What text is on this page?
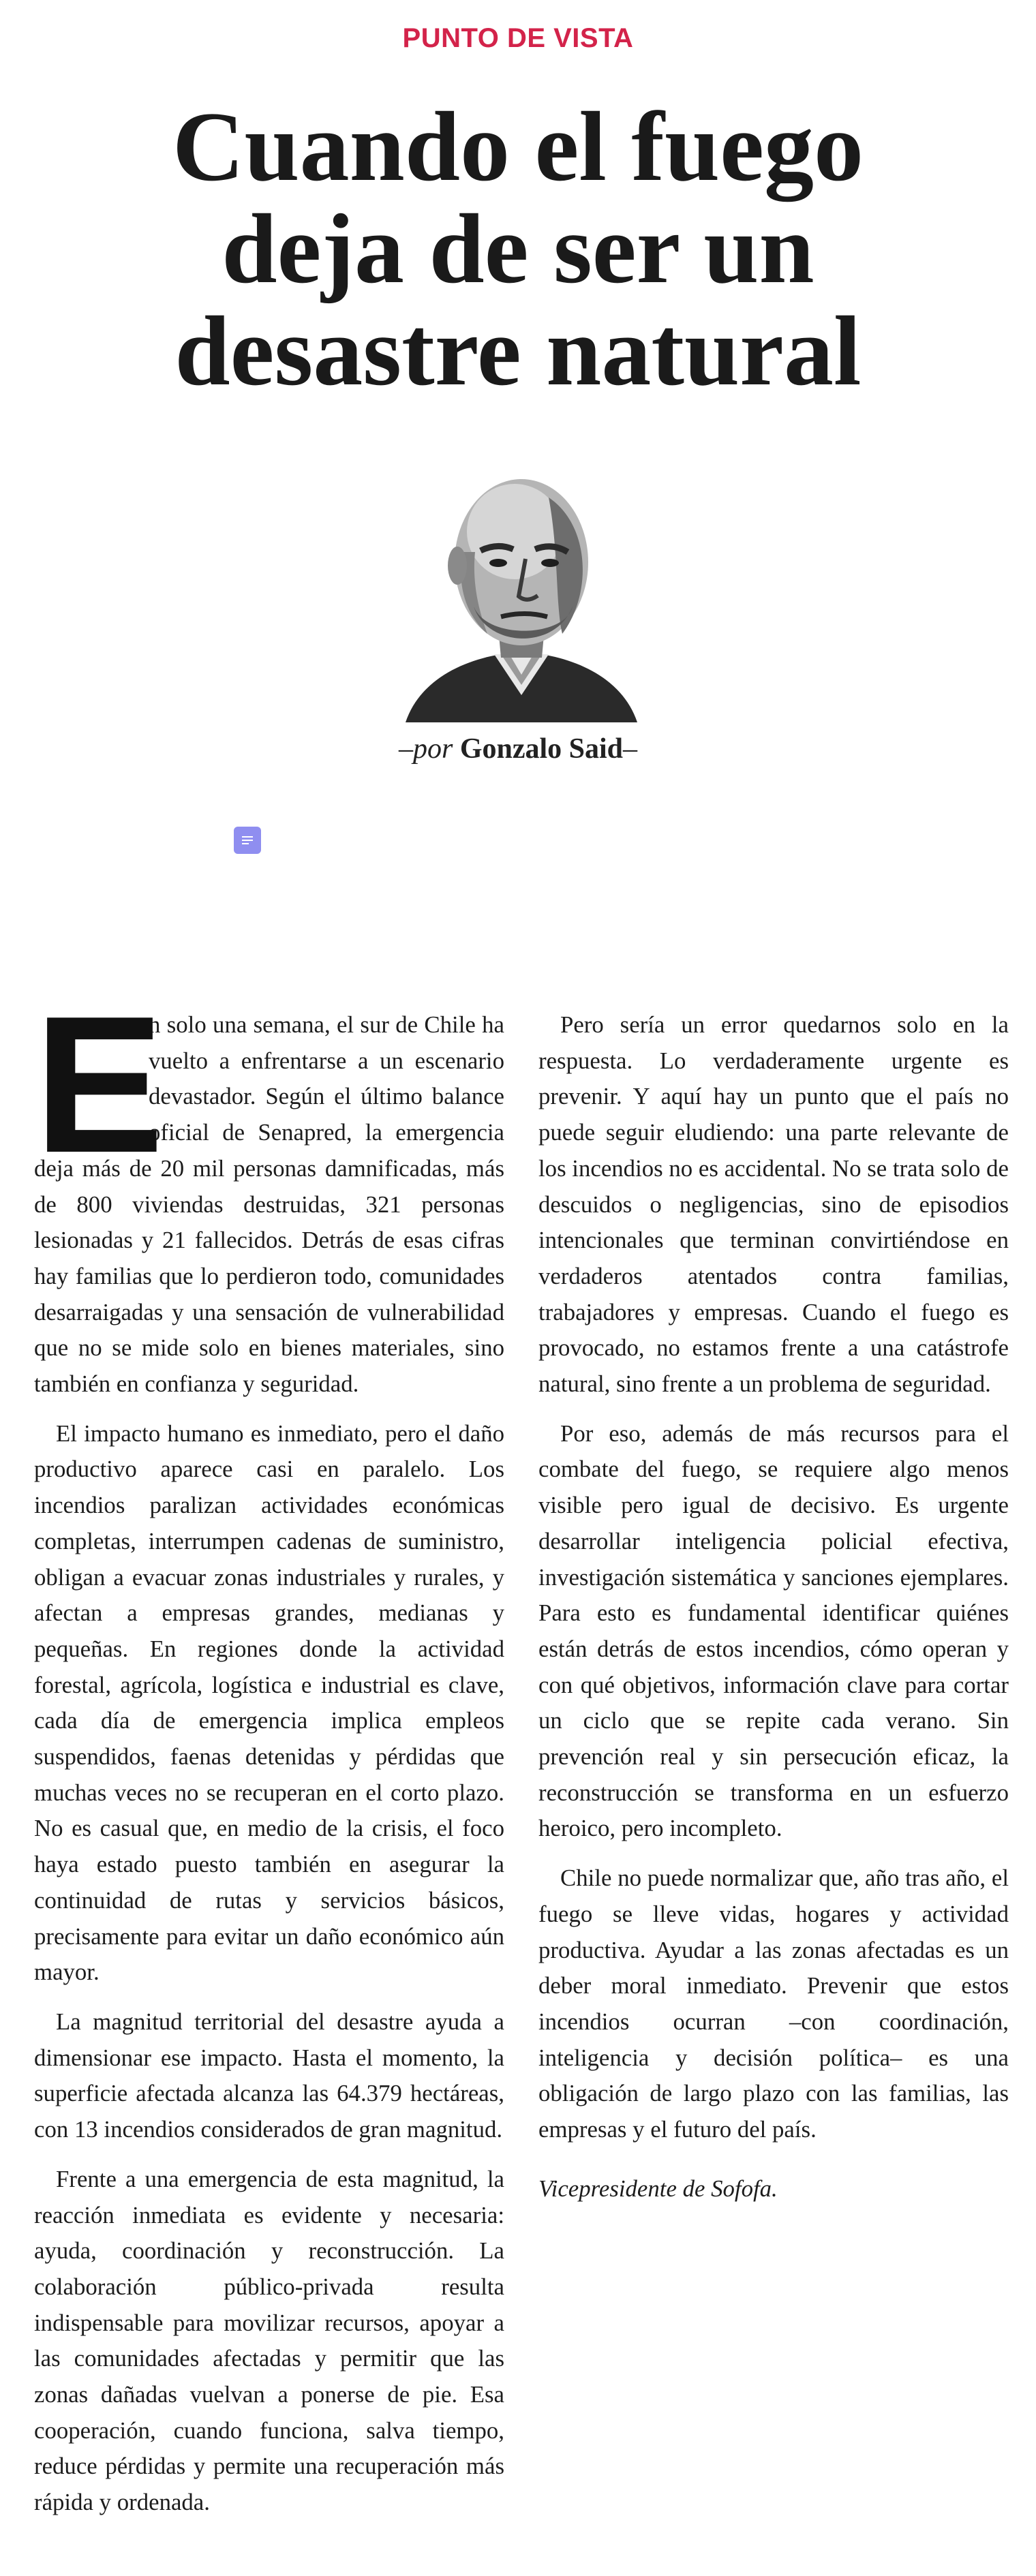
PUNTO DE VISTA
Cuando el fuego
deja de ser un
desastre natural
–por Gonzalo Said–

E
n solo una semana, el sur de Chile ha vuelto a enfrentarse a un escenario devastador. Según el último balance oficial de Senapred, la emergencia deja más de 20 mil personas damnificadas, más de 800 viviendas destruidas, 321 personas lesionadas y 21 fallecidos. Detrás de esas cifras hay familias que lo perdieron todo, comunidades desarraigadas y una sensación de vulnerabilidad que no se mide solo en bienes materiales, sino también en confianza y seguridad.

El impacto humano es inmediato, pero el daño productivo aparece casi en paralelo. Los incendios paralizan actividades económicas completas, interrumpen cadenas de suministro, obligan a evacuar zonas industriales y rurales, y afectan a empresas grandes, medianas y pequeñas. En regiones donde la actividad forestal, agrícola, logística e industrial es clave, cada día de emergencia implica empleos suspendidos, faenas detenidas y pérdidas que muchas veces no se recuperan en el corto plazo. No es casual que, en medio de la crisis, el foco haya estado puesto también en asegurar la continuidad de rutas y servicios básicos, precisamente para evitar un daño económico aún mayor.

La magnitud territorial del desastre ayuda a dimensionar ese impacto. Hasta el momento, la superficie afectada alcanza las 64.379 hectáreas, con 13 incendios considerados de gran magnitud.

Frente a una emergencia de esta magnitud, la reacción inmediata es evidente y necesaria: ayuda, coordinación y reconstrucción. La colaboración público-privada resulta indispensable para movilizar recursos, apoyar a las comunidades afectadas y permitir que las zonas dañadas vuelvan a ponerse de pie. Esa cooperación, cuando funciona, salva tiempo, reduce pérdidas y permite una recuperación más rápida y ordenada.

Pero sería un error quedarnos solo en la respuesta. Lo verdaderamente urgente es prevenir. Y aquí hay un punto que el país no puede seguir eludiendo: una parte relevante de los incendios no es accidental. No se trata solo de descuidos o negligencias, sino de episodios intencionales que terminan convirtiéndose en verdaderos atentados contra familias, trabajadores y empresas. Cuando el fuego es provocado, no estamos frente a una catástrofe natural, sino frente a un problema de seguridad.

Por eso, además de más recursos para el combate del fuego, se requiere algo menos visible pero igual de decisivo. Es urgente desarrollar inteligencia policial efectiva, investigación sistemática y sanciones ejemplares. Para esto es fundamental identificar quiénes están detrás de estos incendios, cómo operan y con qué objetivos, información clave para cortar un ciclo que se repite cada verano. Sin prevención real y sin persecución eficaz, la reconstrucción se transforma en un esfuerzo heroico, pero incompleto.

Chile no puede normalizar que, año tras año, el fuego se lleve vidas, hogares y actividad productiva. Ayudar a las zonas afectadas es un deber moral inmediato. Prevenir que estos incendios ocurran –con coordinación, inteligencia y decisión política– es una obligación de largo plazo con las familias, las empresas y el futuro del país.

Vicepresidente de Sofofa.
